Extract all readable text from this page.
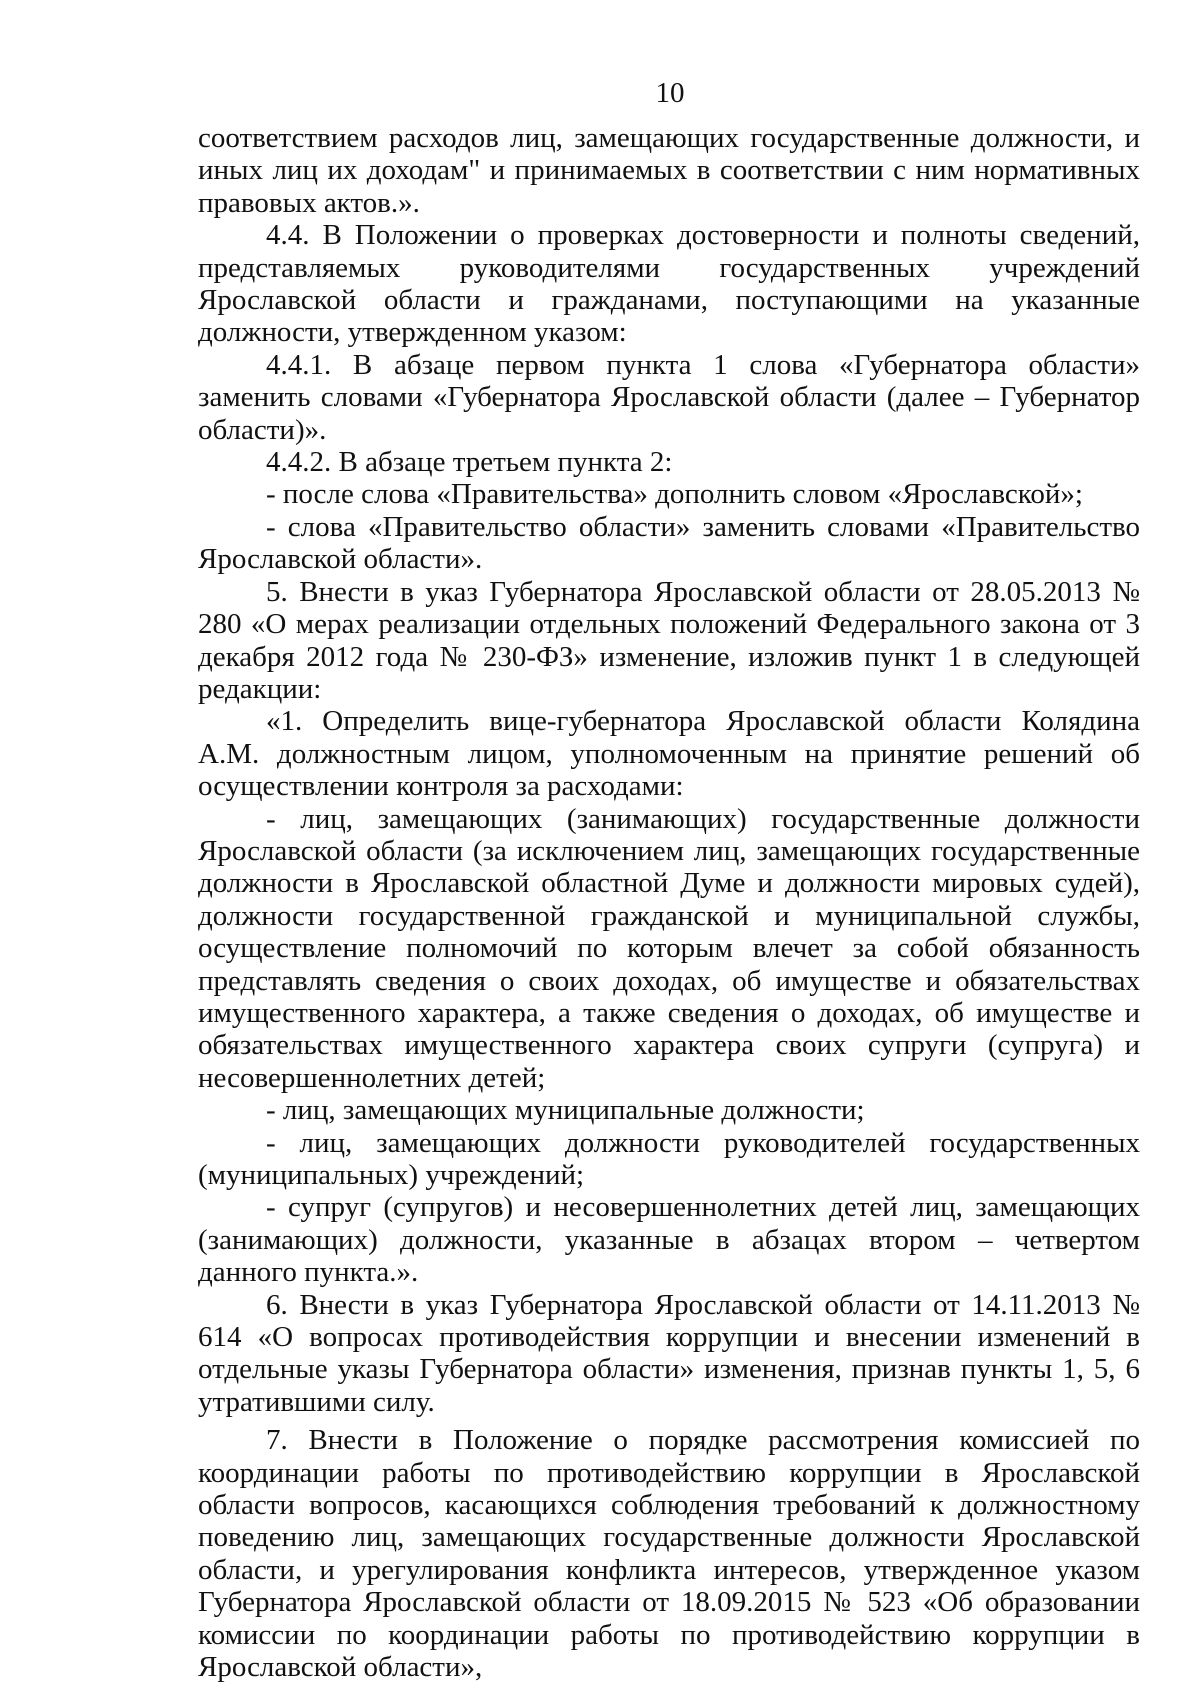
10

соответствием расходов лиц, замещающих государственные должности, и иных лиц их доходам" и принимаемых в соответствии с ним нормативных правовых актов.».

4.4. В Положении о проверках достоверности и полноты сведений, представляемых руководителями государственных учреждений Ярославской области и гражданами, поступающими на указанные должности, утвержденном указом:

4.4.1. В абзаце первом пункта 1 слова «Губернатора области» заменить словами «Губернатора Ярославской области (далее – Губернатор области)».

4.4.2. В абзаце третьем пункта 2:

- после слова «Правительства» дополнить словом «Ярославской»;

- слова «Правительство области» заменить словами «Правительство Ярославской области».

5. Внести в указ Губернатора Ярославской области от 28.05.2013 № 280 «О мерах реализации отдельных положений Федерального закона от 3 декабря 2012 года № 230-ФЗ» изменение, изложив пункт 1 в следующей редакции:

«1. Определить вице-губернатора Ярославской области Колядина А.М. должностным лицом, уполномоченным на принятие решений об осуществлении контроля за расходами:

- лиц, замещающих (занимающих) государственные должности Ярославской области (за исключением лиц, замещающих государственные должности в Ярославской областной Думе и должности мировых судей), должности государственной гражданской и муниципальной службы, осуществление полномочий по которым влечет за собой обязанность представлять сведения о своих доходах, об имуществе и обязательствах имущественного характера, а также сведения о доходах, об имуществе и обязательствах имущественного характера своих супруги (супруга) и несовершеннолетних детей;

- лиц, замещающих муниципальные должности;

- лиц, замещающих должности руководителей государственных (муниципальных) учреждений;

- супруг (супругов) и несовершеннолетних детей лиц, замещающих (занимающих) должности, указанные в абзацах втором – четвертом данного пункта.».

6. Внести в указ Губернатора Ярославской области от 14.11.2013 № 614 «О вопросах противодействия коррупции и внесении изменений в отдельные указы Губернатора области» изменения, признав пункты 1, 5, 6 утратившими силу.

7. Внести в Положение о порядке рассмотрения комиссией по координации работы по противодействию коррупции в Ярославской области вопросов, касающихся соблюдения требований к должностному поведению лиц, замещающих государственные должности Ярославской области, и урегулирования конфликта интересов, утвержденное указом Губернатора Ярославской области от 18.09.2015 № 523 «Об образовании комиссии по координации работы по противодействию коррупции в Ярославской области»,
